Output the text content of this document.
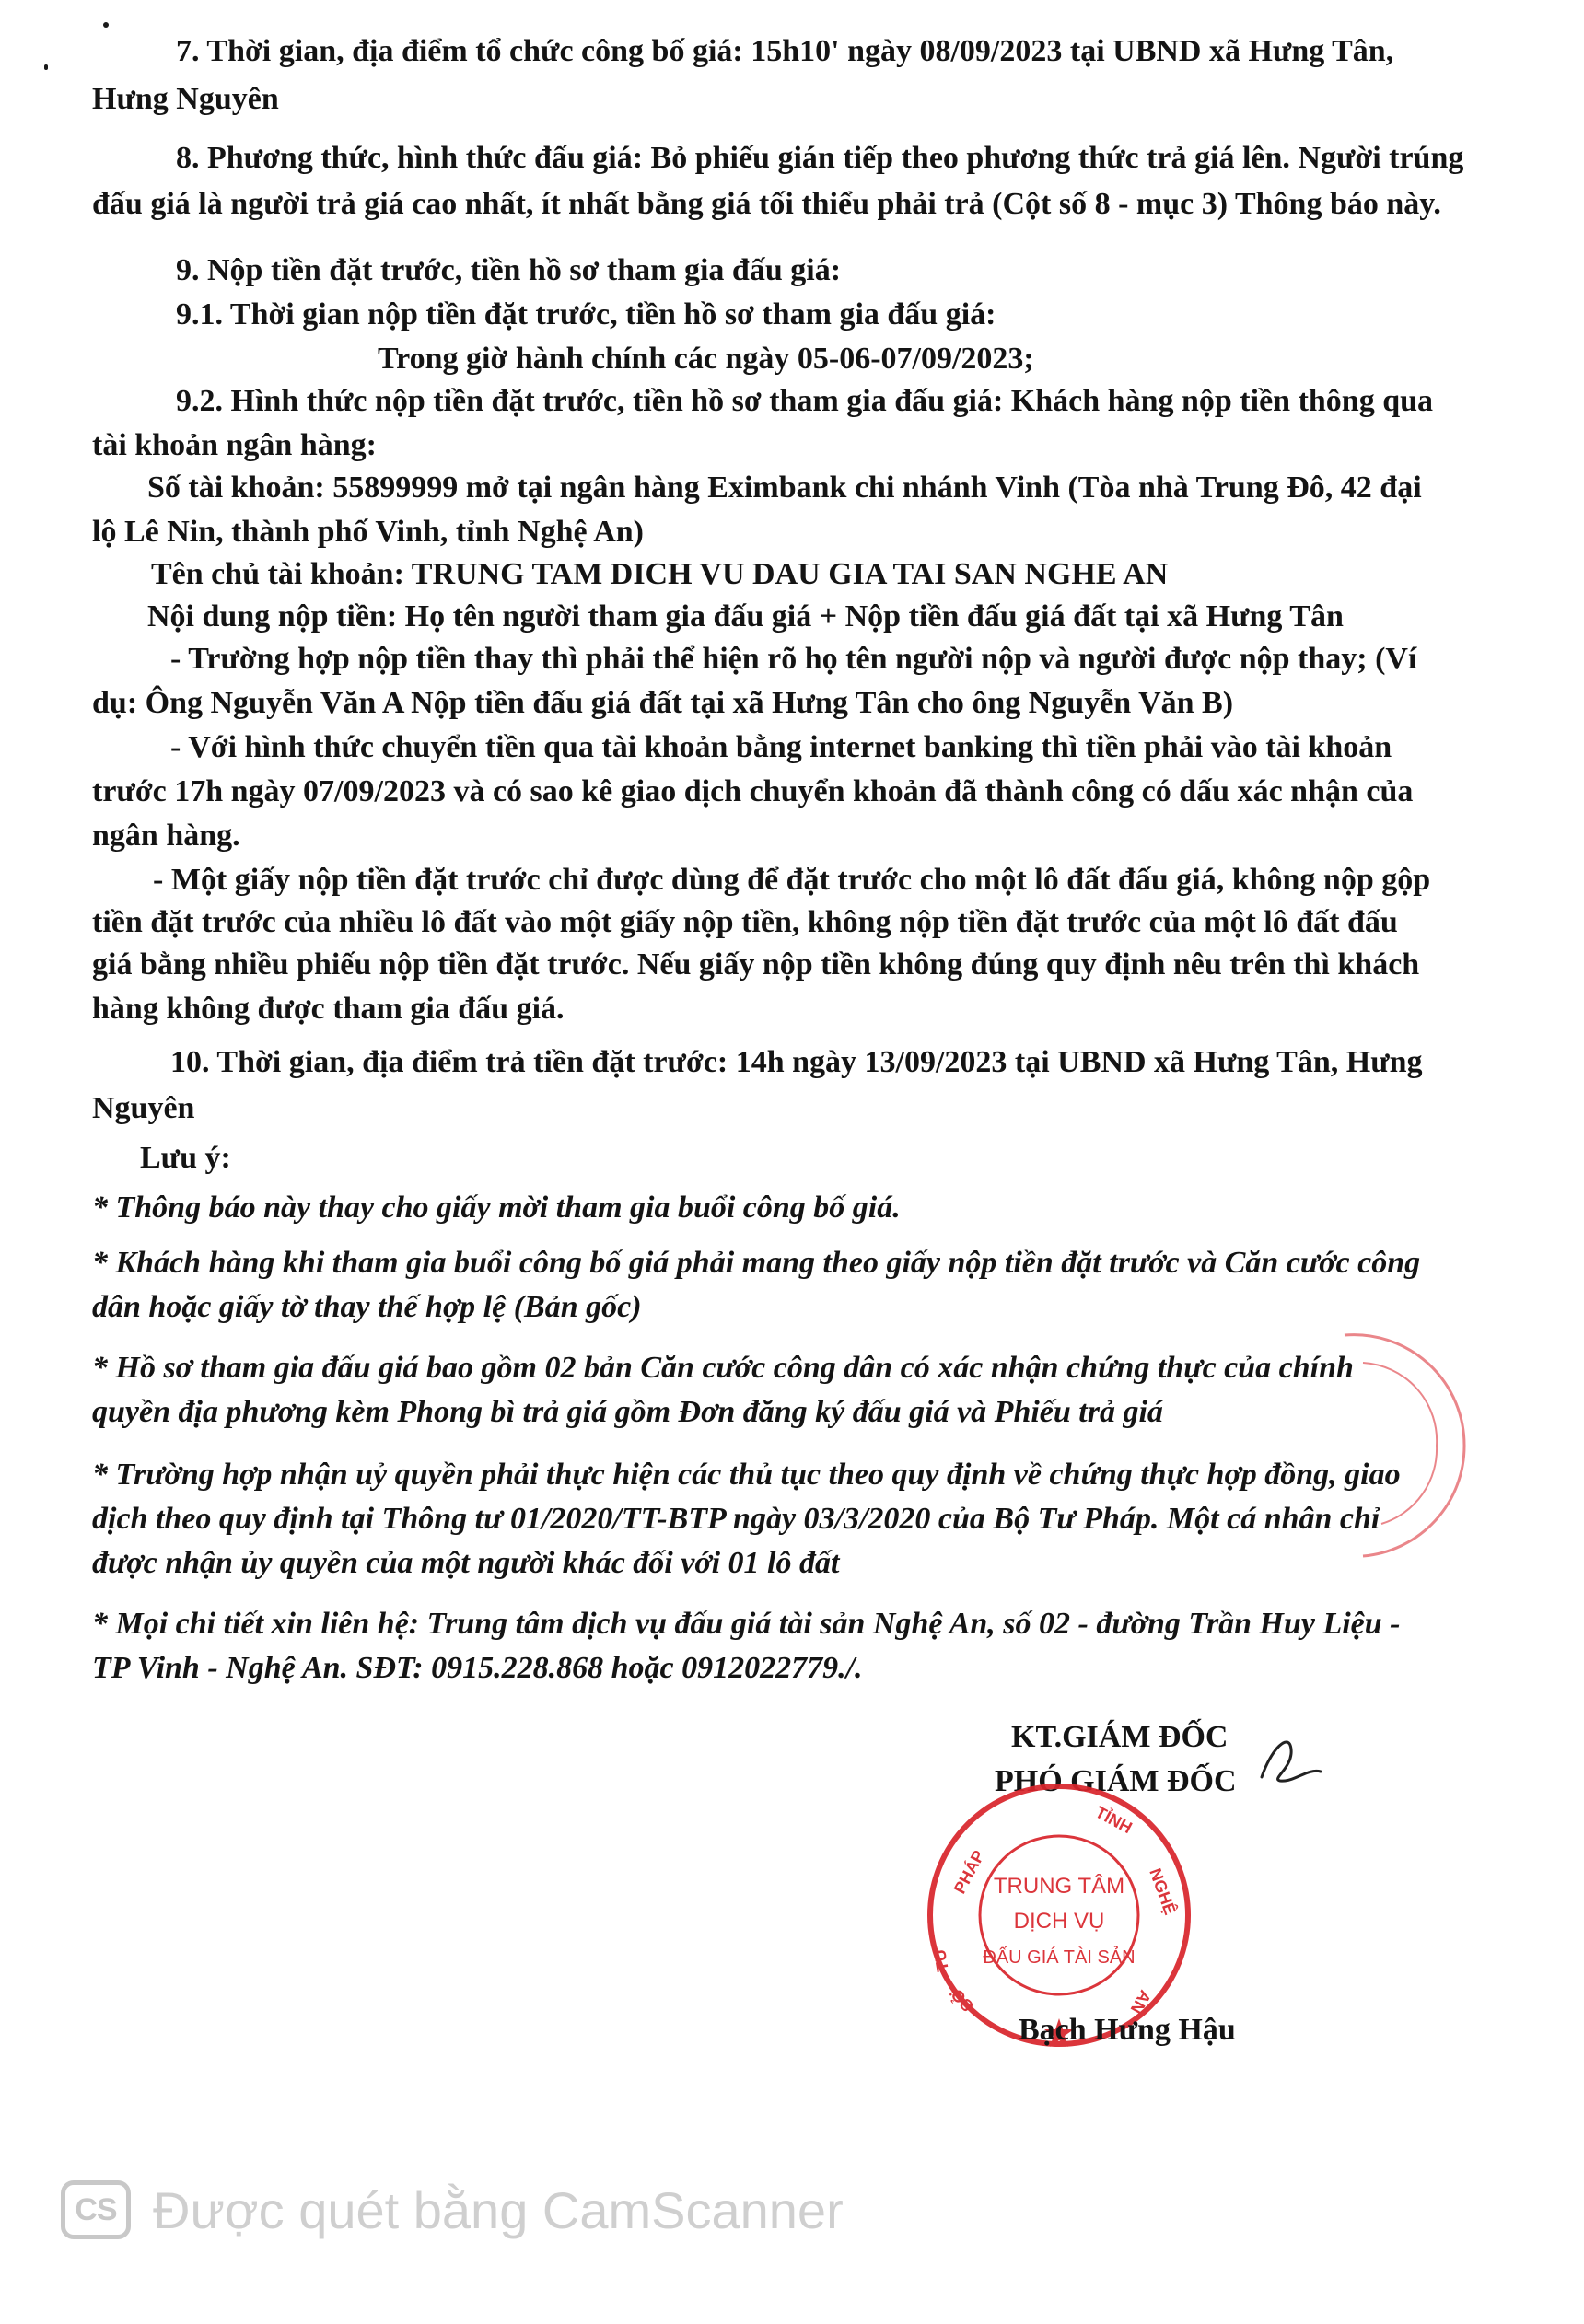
7. Thời gian, địa điểm tổ chức công bố giá: 15h10' ngày 08/09/2023 tại UBND xã Hưng Tân,
Hưng Nguyên
8. Phương thức, hình thức đấu giá: Bỏ phiếu gián tiếp theo phương thức trả giá lên. Người trúng
đấu giá là người trả giá cao nhất, ít nhất bằng giá tối thiểu phải trả (Cột số 8 - mục 3) Thông báo này.
9. Nộp tiền đặt trước, tiền hồ sơ tham gia đấu giá:
9.1. Thời gian nộp tiền đặt trước, tiền hồ sơ tham gia đấu giá:
Trong giờ hành chính các ngày 05-06-07/09/2023;
9.2. Hình thức nộp tiền đặt trước, tiền hồ sơ tham gia đấu giá: Khách hàng nộp tiền thông qua
tài khoản ngân hàng:
Số tài khoản: 55899999 mở tại ngân hàng Eximbank chi nhánh Vinh (Tòa nhà Trung Đô, 42 đại
lộ Lê Nin, thành phố Vinh, tỉnh Nghệ An)
Tên chủ tài khoản: TRUNG TAM DICH VU DAU GIA TAI SAN NGHE AN
Nội dung nộp tiền: Họ tên người tham gia đấu giá + Nộp tiền đấu giá đất tại xã Hưng Tân
- Trường hợp nộp tiền thay thì phải thể hiện rõ họ tên người nộp và người được nộp thay; (Ví
dụ: Ông Nguyễn Văn A Nộp tiền đấu giá đất tại xã Hưng Tân cho ông Nguyễn Văn B)
- Với hình thức chuyển tiền qua tài khoản bằng internet banking thì tiền phải vào tài khoản
trước 17h ngày 07/09/2023 và có sao kê giao dịch chuyển khoản đã thành công có dấu xác nhận của
ngân hàng.
- Một giấy nộp tiền đặt trước chỉ được dùng để đặt trước cho một lô đất đấu giá, không nộp gộp
tiền đặt trước của nhiều lô đất vào một giấy nộp tiền, không nộp tiền đặt trước của một lô đất đấu
giá bằng nhiều phiếu nộp tiền đặt trước. Nếu giấy nộp tiền không đúng quy định nêu trên thì khách
hàng không được tham gia đấu giá.
10. Thời gian, địa điểm trả tiền đặt trước: 14h ngày 13/09/2023 tại UBND xã Hưng Tân, Hưng
Nguyên
Lưu ý:
* Thông báo này thay cho giấy mời tham gia buổi công bố giá.
* Khách hàng khi tham gia buổi công bố giá phải mang theo giấy nộp tiền đặt trước và Căn cước công
dân hoặc giấy tờ thay thế hợp lệ (Bản gốc)
* Hồ sơ tham gia đấu giá bao gồm 02 bản Căn cước công dân có xác nhận chứng thực của chính
quyền địa phương kèm Phong bì trả giá gồm Đơn đăng ký đấu giá và Phiếu trả giá
* Trường hợp nhận uỷ quyền phải thực hiện các thủ tục theo quy định về chứng thực hợp đồng, giao
dịch theo quy định tại Thông tư 01/2020/TT-BTP ngày 03/3/2020 của Bộ Tư Pháp. Một cá nhân chỉ
được nhận ủy quyền của một người khác đối với 01 lô đất
* Mọi chi tiết xin liên hệ: Trung tâm dịch vụ đấu giá tài sản Nghệ An, số 02 - đường Trần Huy Liệu -
TP Vinh - Nghệ An. SĐT: 0915.228.868 hoặc 0912022779./.
KT.GIÁM ĐỐC
PHÓ GIÁM ĐỐC
PHÁP
TỈNH
NGHỆ
TƯ
SỞ	AN
TRUNG TÂM
DỊCH VỤ
ĐẤU GIÁ TÀI SẢN
Bạch Hưng Hậu
CS Được quét bằng CamScanner
